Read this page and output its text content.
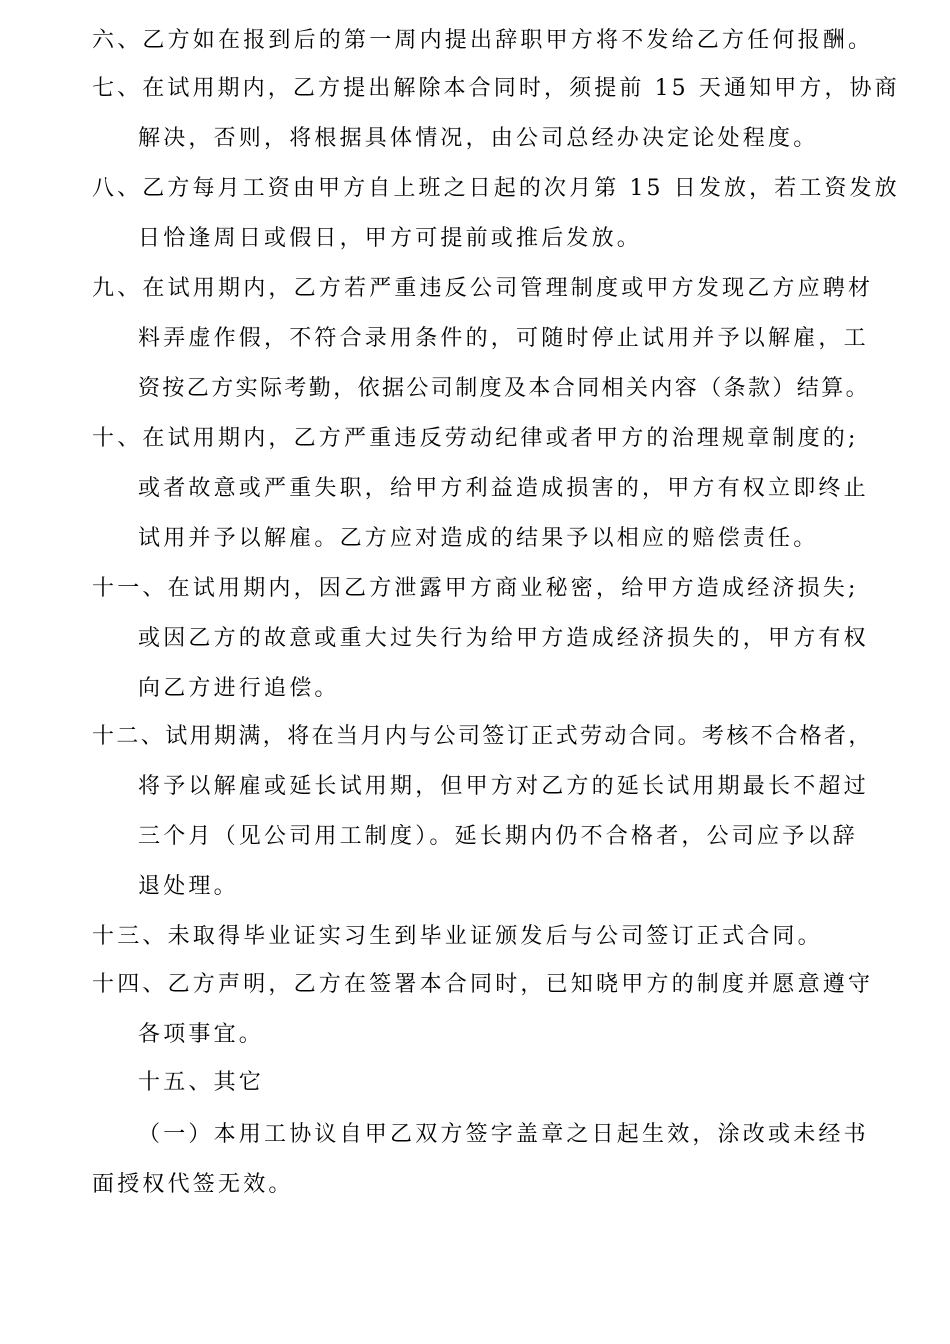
六、乙方如在报到后的第一周内提出辞职甲方将不发给乙方任何报酬。
七、在试用期内，乙方提出解除本合同时，须提前 15 天通知甲方，协商
解决，否则，将根据具体情况，由公司总经办决定论处程度。
八、乙方每月工资由甲方自上班之日起的次月第 15 日发放，若工资发放
日恰逢周日或假日，甲方可提前或推后发放。
九、在试用期内，乙方若严重违反公司管理制度或甲方发现乙方应聘材
料弄虚作假，不符合录用条件的，可随时停止试用并予以解雇，工
资按乙方实际考勤，依据公司制度及本合同相关内容（条款）结算。
十、在试用期内，乙方严重违反劳动纪律或者甲方的治理规章制度的;
或者故意或严重失职，给甲方利益造成损害的，甲方有权立即终止
试用并予以解雇。乙方应对造成的结果予以相应的赔偿责任。
十一、在试用期内，因乙方泄露甲方商业秘密，给甲方造成经济损失;
或因乙方的故意或重大过失行为给甲方造成经济损失的，甲方有权
向乙方进行追偿。
十二、试用期满，将在当月内与公司签订正式劳动合同。考核不合格者，
将予以解雇或延长试用期，但甲方对乙方的延长试用期最长不超过
三个月（见公司用工制度）。延长期内仍不合格者，公司应予以辞
退处理。
十三、未取得毕业证实习生到毕业证颁发后与公司签订正式合同。
十四、乙方声明，乙方在签署本合同时，已知晓甲方的制度并愿意遵守
各项事宜。
十五、其它
（一）本用工协议自甲乙双方签字盖章之日起生效，涂改或未经书
面授权代签无效。
